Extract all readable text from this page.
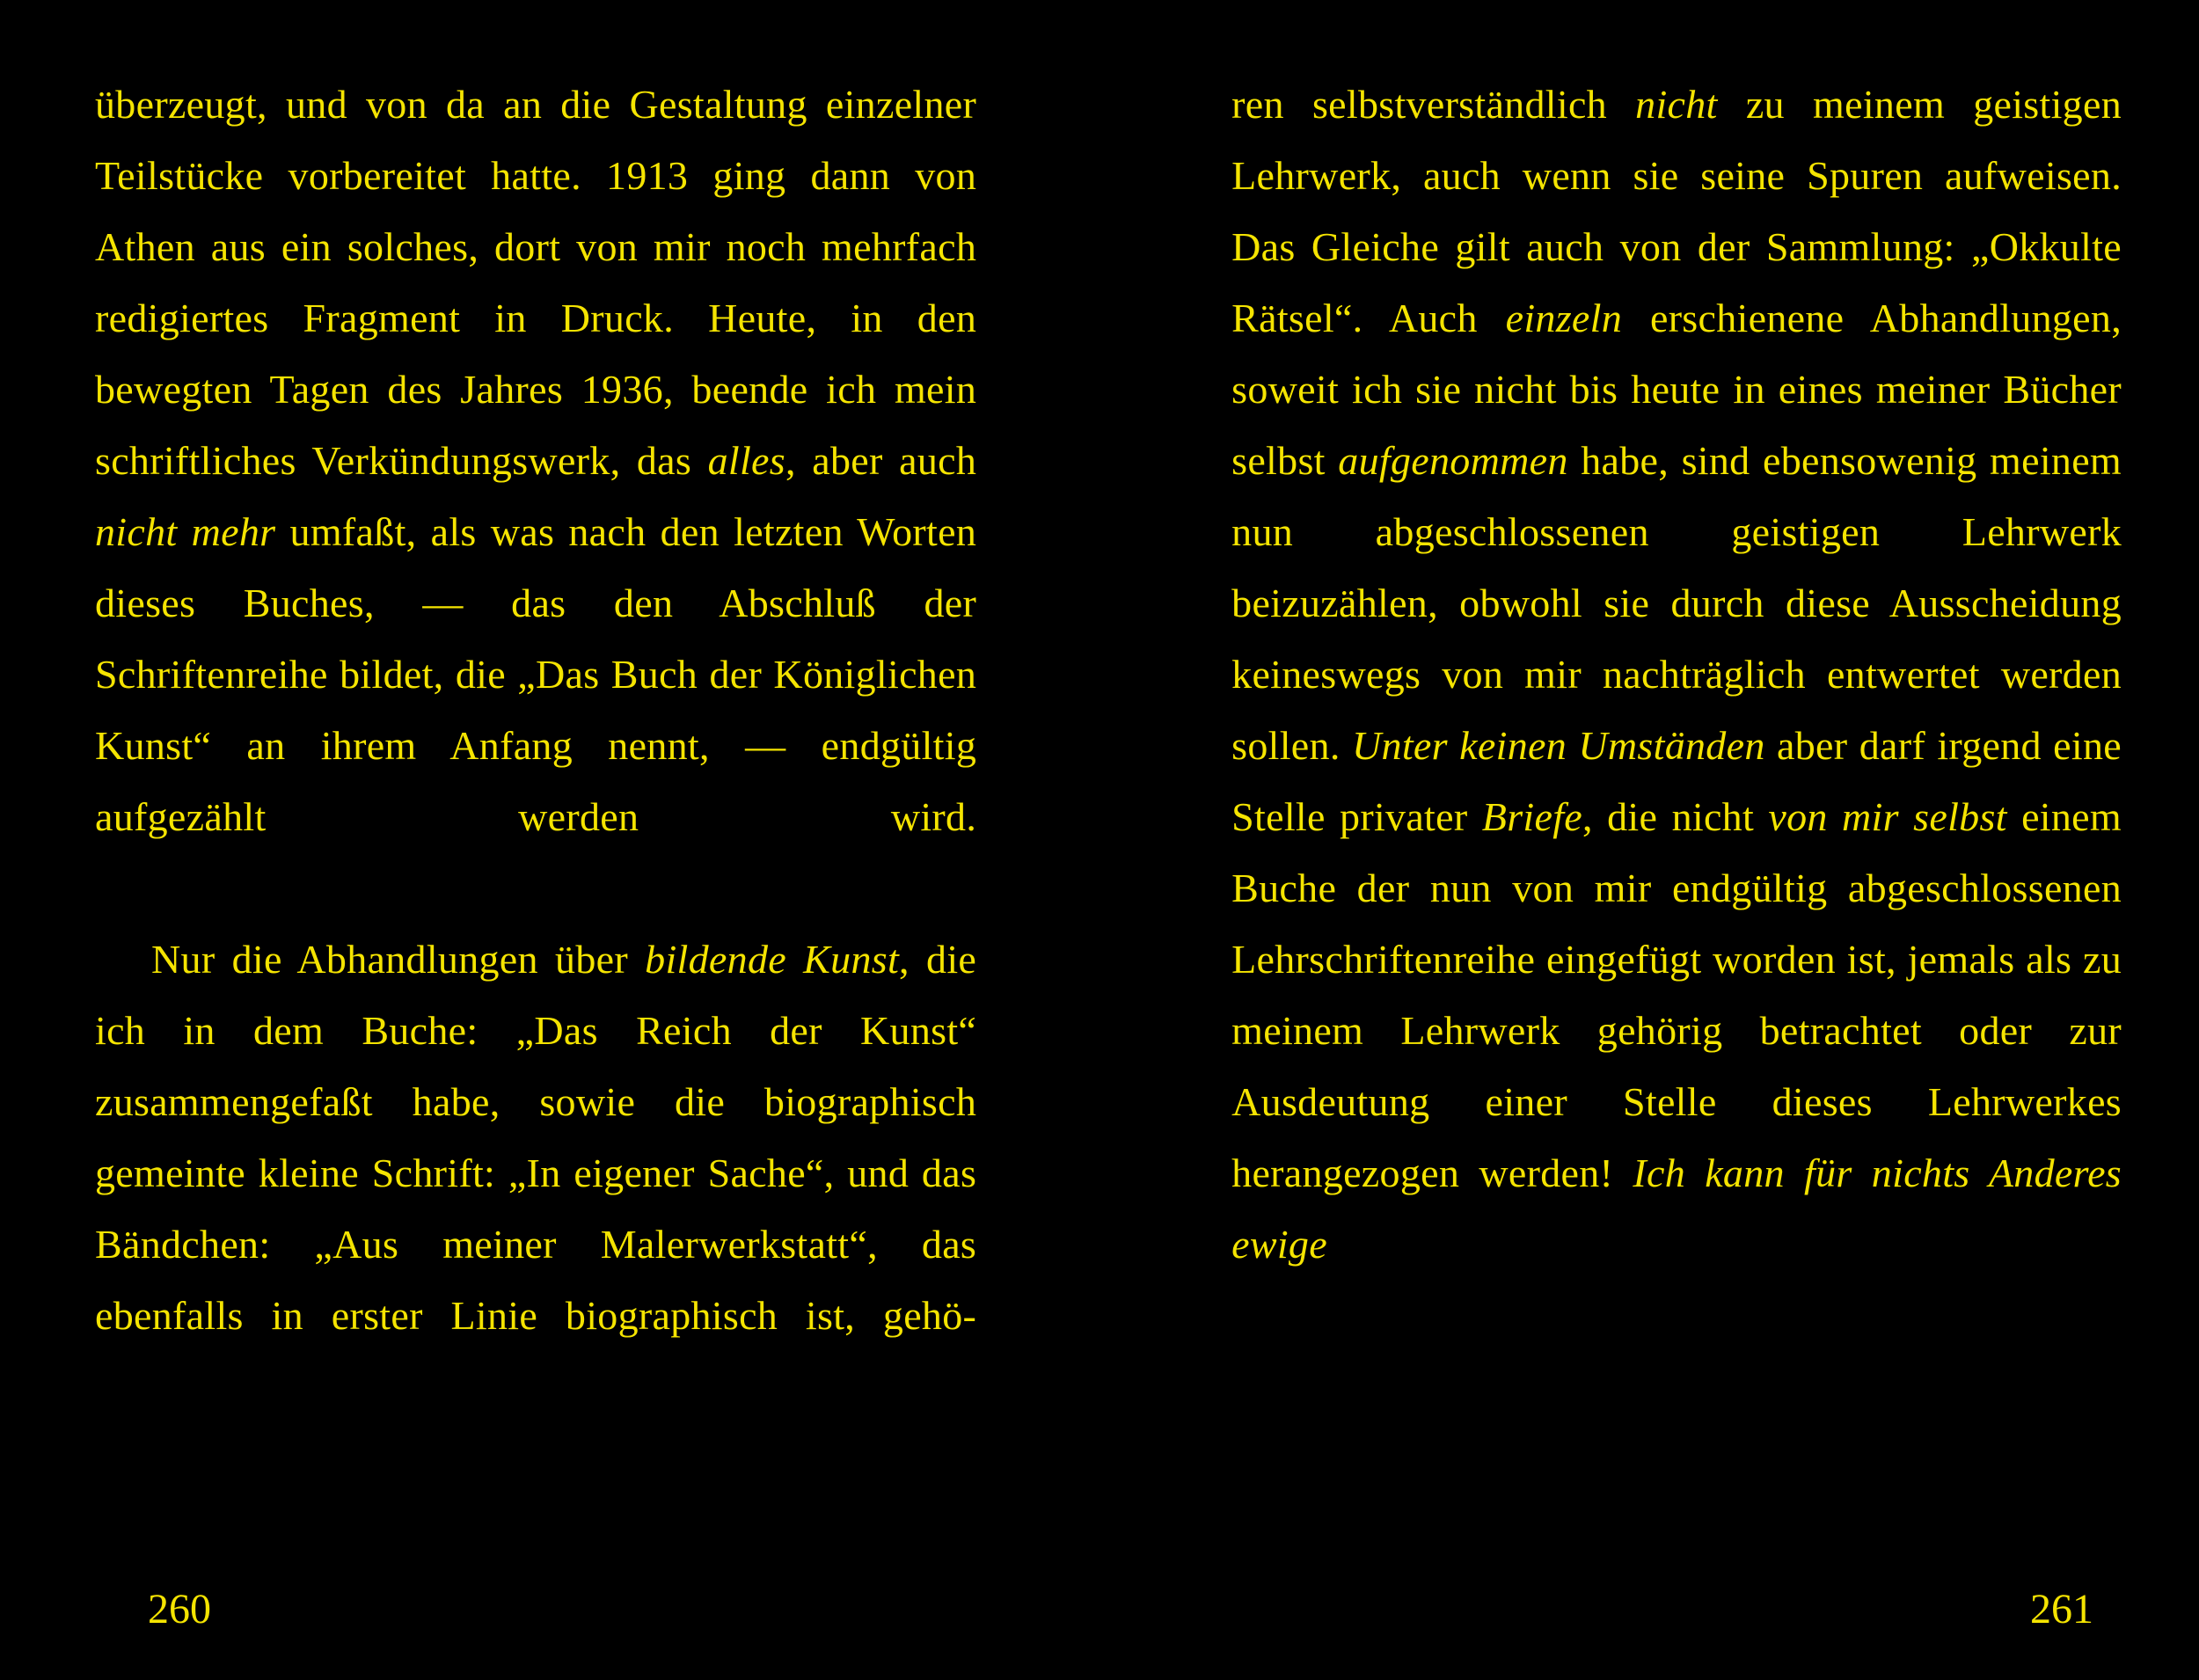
überzeugt, und von da an die Gestaltung einzelner Teilstücke vorbereitet hatte. 1913 ging dann von Athen aus ein solches, dort von mir noch mehrfach redigiertes Fragment in Druck. Heute, in den bewegten Tagen des Jahres 1936, beende ich mein schriftliches Verkündungswerk, das alles, aber auch nicht mehr umfaßt, als was nach den letzten Worten dieses Buches, — das den Abschluß der Schriftenreihe bildet, die „Das Buch der Königlichen Kunst“ an ihrem Anfang nennt, — endgültig aufgezählt werden wird.

Nur die Abhandlungen über bildende Kunst, die ich in dem Buche: „Das Reich der Kunst“ zusammengefaßt habe, sowie die biographisch gemeinte kleine Schrift: „In eigener Sache“, und das Bändchen: „Aus meiner Malerwerkstatt“, das ebenfalls in erster Linie biographisch ist, gehö-

260

ren selbstverständlich nicht zu meinem geistigen Lehrwerk, auch wenn sie seine Spuren aufweisen. Das Gleiche gilt auch von der Sammlung: „Okkulte Rätsel“. Auch einzeln erschienene Abhandlungen, soweit ich sie nicht bis heute in eines meiner Bücher selbst aufgenommen habe, sind ebensowenig meinem nun abgeschlossenen geistigen Lehrwerk beizuzählen, obwohl sie durch diese Ausscheidung keineswegs von mir nachträglich entwertet werden sollen. Unter keinen Umständen aber darf irgend eine Stelle privater Briefe, die nicht von mir selbst einem Buche der nun von mir endgültig abgeschlossenen Lehrschriftenreihe eingefügt worden ist, jemals als zu meinem Lehrwerk gehörig betrachtet oder zur Ausdeutung einer Stelle dieses Lehrwerkes herangezogen werden! Ich kann für nichts Anderes ewige

261
